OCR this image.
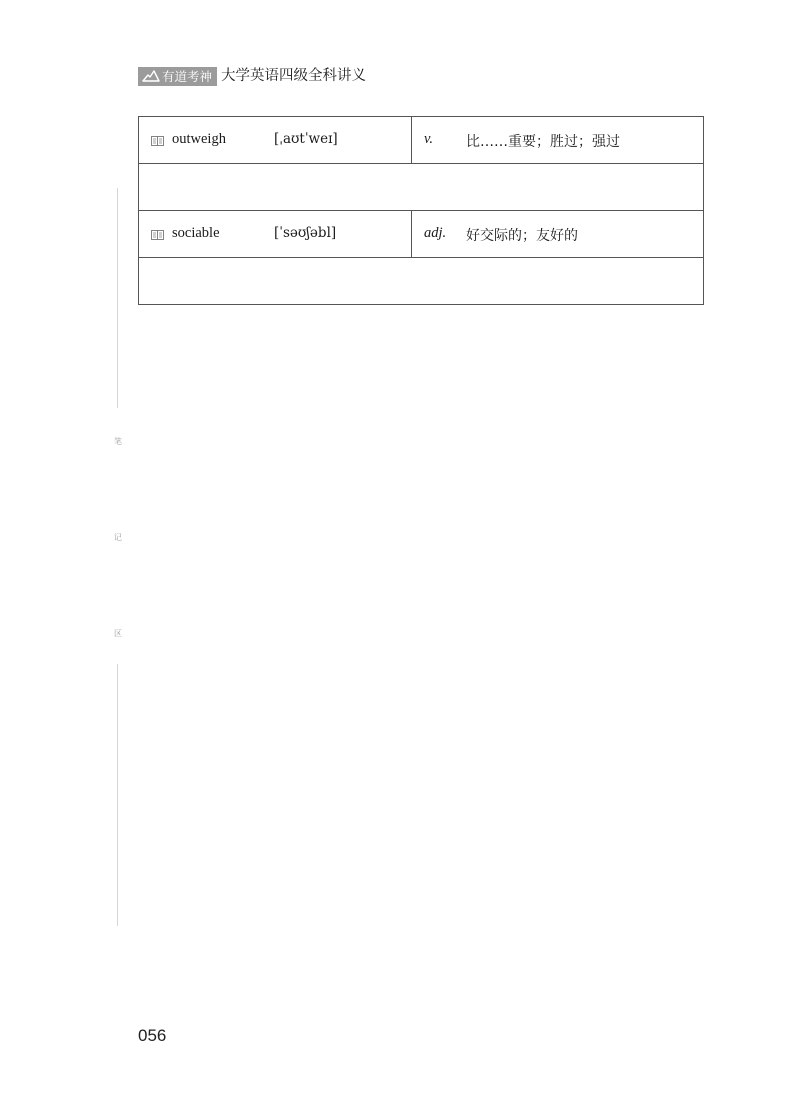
有道考神 大学英语四级全科讲义
笔
记
区
outweigh [ˌaʊtˈweɪ]	v. 比……重要；胜过；强过

sociable [ˈsəʊʃəbl]	adj. 好交际的；友好的

056
